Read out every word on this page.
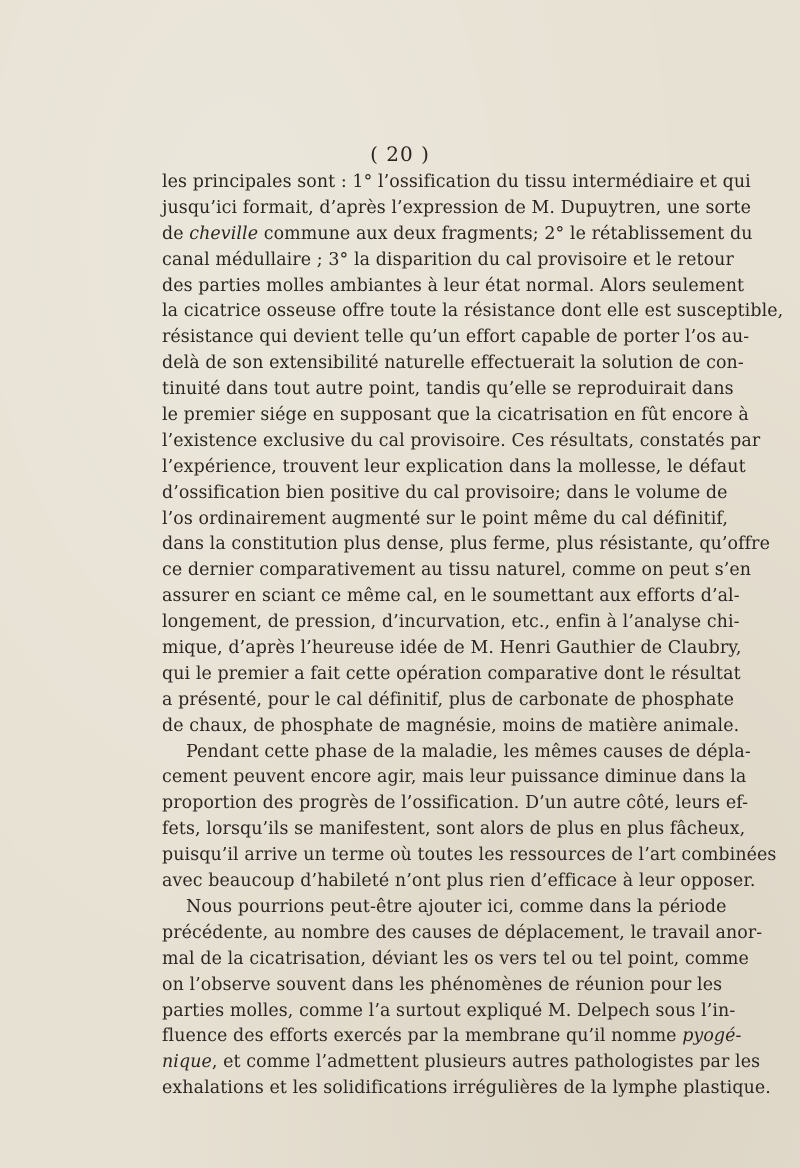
( 20 )
les principales sont : 1° l’ossification du tissu intermédiaire et qui
jusqu’ici formait, d’après l’expression de M. Dupuytren, une sorte
de cheville commune aux deux fragments; 2° le rétablissement du
canal médullaire ; 3° la disparition du cal provisoire et le retour
des parties molles ambiantes à leur état normal. Alors seulement
la cicatrice osseuse offre toute la résistance dont elle est susceptible,
résistance qui devient telle qu’un effort capable de porter l’os au-
delà de son extensibilité naturelle effectuerait la solution de con-
tinuité dans tout autre point, tandis qu’elle se reproduirait dans
le premier siége en supposant que la cicatrisation en fût encore à
l’existence exclusive du cal provisoire. Ces résultats, constatés par
l’expérience, trouvent leur explication dans la mollesse, le défaut
d’ossification bien positive du cal provisoire; dans le volume de
l’os ordinairement augmenté sur le point même du cal définitif,
dans la constitution plus dense, plus ferme, plus résistante, qu’offre
ce dernier comparativement au tissu naturel, comme on peut s’en
assurer en sciant ce même cal, en le soumettant aux efforts d’al-
longement, de pression, d’incurvation, etc., enfin à l’analyse chi-
mique, d’après l’heureuse idée de M. Henri Gauthier de Claubry,
qui le premier a fait cette opération comparative dont le résultat
a présenté, pour le cal définitif, plus de carbonate de phosphate
de chaux, de phosphate de magnésie, moins de matière animale.
Pendant cette phase de la maladie, les mêmes causes de dépla-
cement peuvent encore agir, mais leur puissance diminue dans la
proportion des progrès de l’ossification. D’un autre côté, leurs ef-
fets, lorsqu’ils se manifestent, sont alors de plus en plus fâcheux,
puisqu’il arrive un terme où toutes les ressources de l’art combinées
avec beaucoup d’habileté n’ont plus rien d’efficace à leur opposer.
Nous pourrions peut-être ajouter ici, comme dans la période
précédente, au nombre des causes de déplacement, le travail anor-
mal de la cicatrisation, déviant les os vers tel ou tel point, comme
on l’observe souvent dans les phénomènes de réunion pour les
parties molles, comme l’a surtout expliqué M. Delpech sous l’in-
fluence des efforts exercés par la membrane qu’il nomme pyogé-
nique, et comme l’admettent plusieurs autres pathologistes par les
exhalations et les solidifications irrégulières de la lymphe plastique.
